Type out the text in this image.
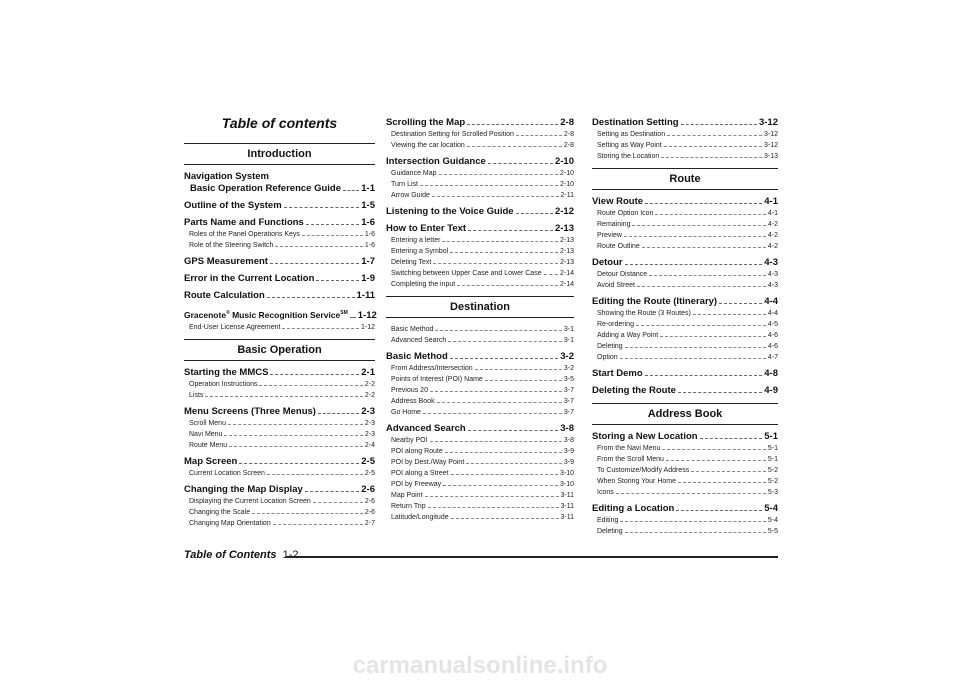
Table of contents
Introduction
Navigation System
Basic Operation Reference Guide 1-1
Outline of the System	1-5
Parts Name and Functions	1-6
Roles of the Panel Operations Keys	1-6
Role of the Steering Switch	1-6
GPS Measurement	1-7
Error in the Current Location	1-9
Route Calculation	1-11
Gracenote® Music Recognition Service℠ 1-12
End-User License Agreement	1-12
Basic Operation
Starting the MMCS	2-1
Operation Instructions	2-2
Lists	2-2
Menu Screens (Three Menus)	2-3
Scroll Menu	2-3
Navi Menu	2-3
Route Menu	2-4
Map Screen	2-5
Current Location Screen	2-5
Changing the Map Display	2-6
Displaying the Current Location Screen	2-6
Changing the Scale	2-6
Changing Map Orientation	2-7
Scrolling the Map	2-8
Destination Setting for Scrolled Position	2-8
Viewing the car location	2-8
Intersection Guidance	2-10
Guidance Map	2-10
Turn List	2-10
Arrow Guide	2-11
Listening to the Voice Guide	2-12
How to Enter Text	2-13
Entering a letter	2-13
Entering a Symbol	2-13
Deleting Text	2-13
Switching between Upper Case and Lower Case	2-14
Completing the input	2-14
Destination
Basic Method	3-1
Advanced Search	3-1
Basic Method	3-2
From Address/Intersection	3-2
Points of Interest (POI) Name	3-5
Previous 20	3-7
Address Book	3-7
Go Home	3-7
Advanced Search	3-8
Nearby POI	3-8
POI along Route	3-9
POI by Dest./Way Point	3-9
POI along a Street	3-10
POI by Freeway	3-10
Map Point	3-11
Return Trip	3-11
Latitude/Longitude	3-11
Destination Setting	3-12
Setting as Destination	3-12
Setting as Way Point	3-12
Storing the Location	3-13
Route
View Route	4-1
Route Option Icon	4-1
Remaining	4-2
Preview	4-2
Route Outline	4-2
Detour	4-3
Detour Distance	4-3
Avoid Street	4-3
Editing the Route (Itinerary)	4-4
Showing the Route (3 Routes)	4-4
Re-ordering	4-5
Adding a Way Point	4-6
Deleting	4-6
Option	4-7
Start Demo	4-8
Deleting the Route	4-9
Address Book
Storing a New Location	5-1
From the Navi Menu	5-1
From the Scroll Menu	5-1
To Customize/Modify Address	5-2
When Storing Your Home	5-2
Icons	5-3
Editing a Location	5-4
Editing	5-4
Deleting	5-5
Table of Contents 1-2
carmanualsonline.info
